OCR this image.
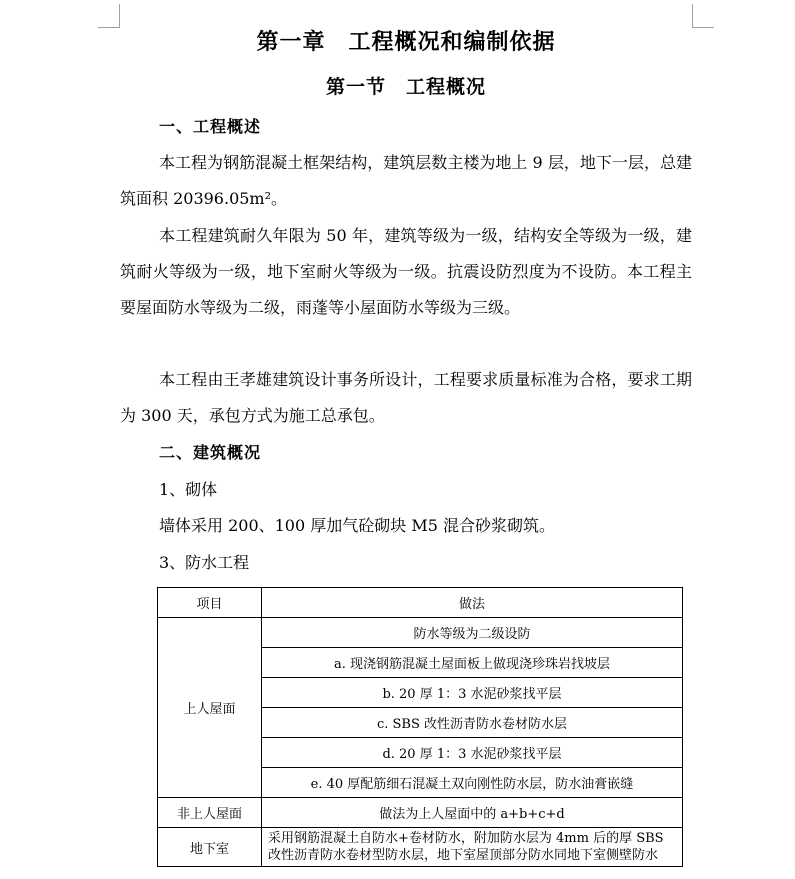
第一章　工程概况和编制依据
第一节　工程概况

一、工程概述

本工程为钢筋混凝土框架结构，建筑层数主楼为地上 9 层，地下一层，总建筑面积 20396.05m²。

本工程建筑耐久年限为 50 年，建筑等级为一级，结构安全等级为一级，建筑耐火等级为一级，地下室耐火等级为一级。抗震设防烈度为不设防。本工程主要屋面防水等级为二级，雨蓬等小屋面防水等级为三级。

本工程由王孝雄建筑设计事务所设计，工程要求质量标准为合格，要求工期为 300 天，承包方式为施工总承包。

二、建筑概况

1、砌体

墙体采用 200、100 厚加气砼砌块 M5 混合砂浆砌筑。

3、防水工程

项目	做法
上人屋面	防水等级为二级设防
	a. 现浇钢筋混凝土屋面板上做现浇珍珠岩找坡层
	b. 20 厚 1：3 水泥砂浆找平层
	c. SBS 改性沥青防水卷材防水层
	d. 20 厚 1：3 水泥砂浆找平层
	e. 40 厚配筋细石混凝土双向刚性防水层，防水油膏嵌缝
非上人屋面	做法为上人屋面中的 a+b+c+d
地下室	采用钢筋混凝土自防水+卷材防水，附加防水层为 4mm 后的厚 SBS 改性沥青防水卷材型防水层，地下室屋顶部分防水同地下室侧壁防水
